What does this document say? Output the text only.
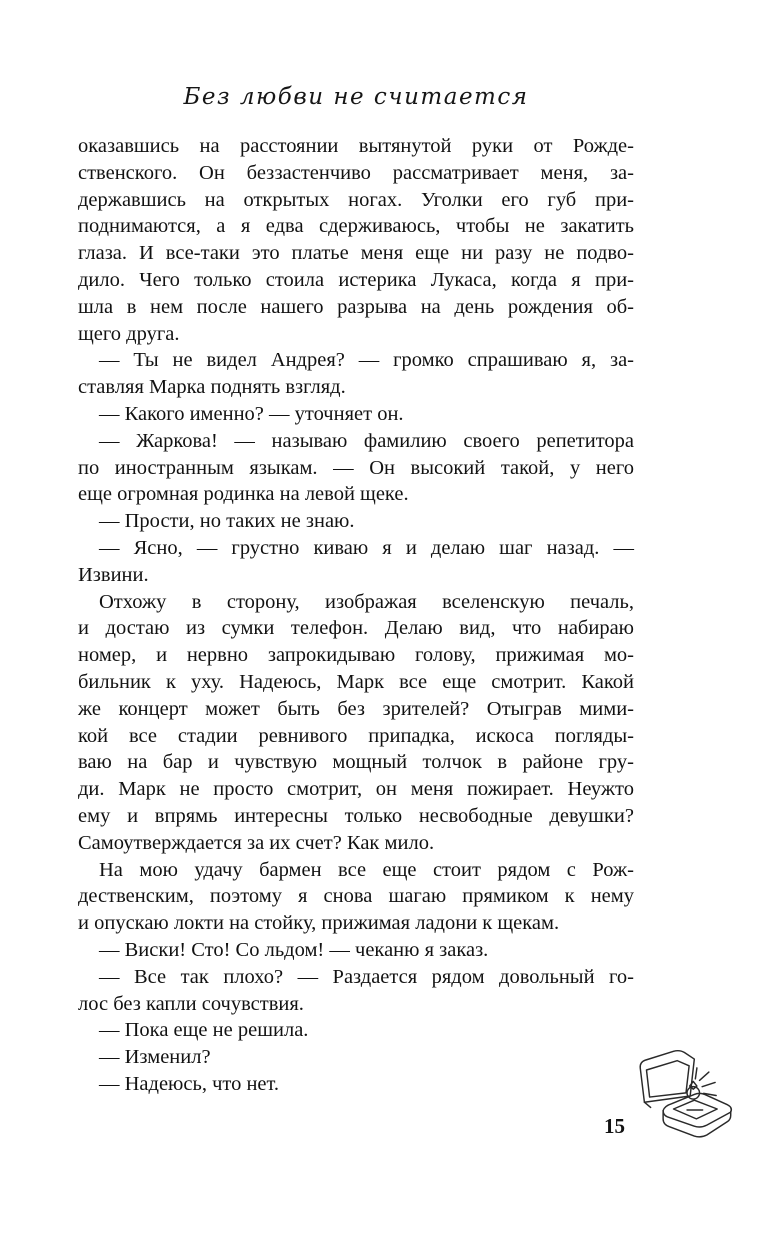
Без любви не считается
оказавшись на расстоянии вытянутой руки от Рожде-
ственского. Он беззастенчиво рассматривает меня, за-
державшись на открытых ногах. Уголки его губ при-
поднимаются, а я едва сдерживаюсь, чтобы не закатить
глаза. И все-таки это платье меня еще ни разу не подво-
дило. Чего только стоила истерика Лукаса, когда я при-
шла в нем после нашего разрыва на день рождения об-
щего друга.
— Ты не видел Андрея? — громко спрашиваю я, за-
ставляя Марка поднять взгляд.
— Какого именно? — уточняет он.
— Жаркова! — называю фамилию своего репетитора
по иностранным языкам. — Он высокий такой, у него
еще огромная родинка на левой щеке.
— Прости, но таких не знаю.
— Ясно, — грустно киваю я и делаю шаг назад. —
Извини.
Отхожу в сторону, изображая вселенскую печаль,
и достаю из сумки телефон. Делаю вид, что набираю
номер, и нервно запрокидываю голову, прижимая мо-
бильник к уху. Надеюсь, Марк все еще смотрит. Какой
же концерт может быть без зрителей? Отыграв мими-
кой все стадии ревнивого припадка, искоса погляды-
ваю на бар и чувствую мощный толчок в районе гру-
ди. Марк не просто смотрит, он меня пожирает. Неужто
ему и впрямь интересны только несвободные девушки?
Самоутверждается за их счет? Как мило.
На мою удачу бармен все еще стоит рядом с Рож-
дественским, поэтому я снова шагаю прямиком к нему
и опускаю локти на стойку, прижимая ладони к щекам.
— Виски! Сто! Со льдом! — чеканю я заказ.
— Все так плохо? — Раздается рядом довольный го-
лос без капли сочувствия.
— Пока еще не решила.
— Изменил?
— Надеюсь, что нет.
15
